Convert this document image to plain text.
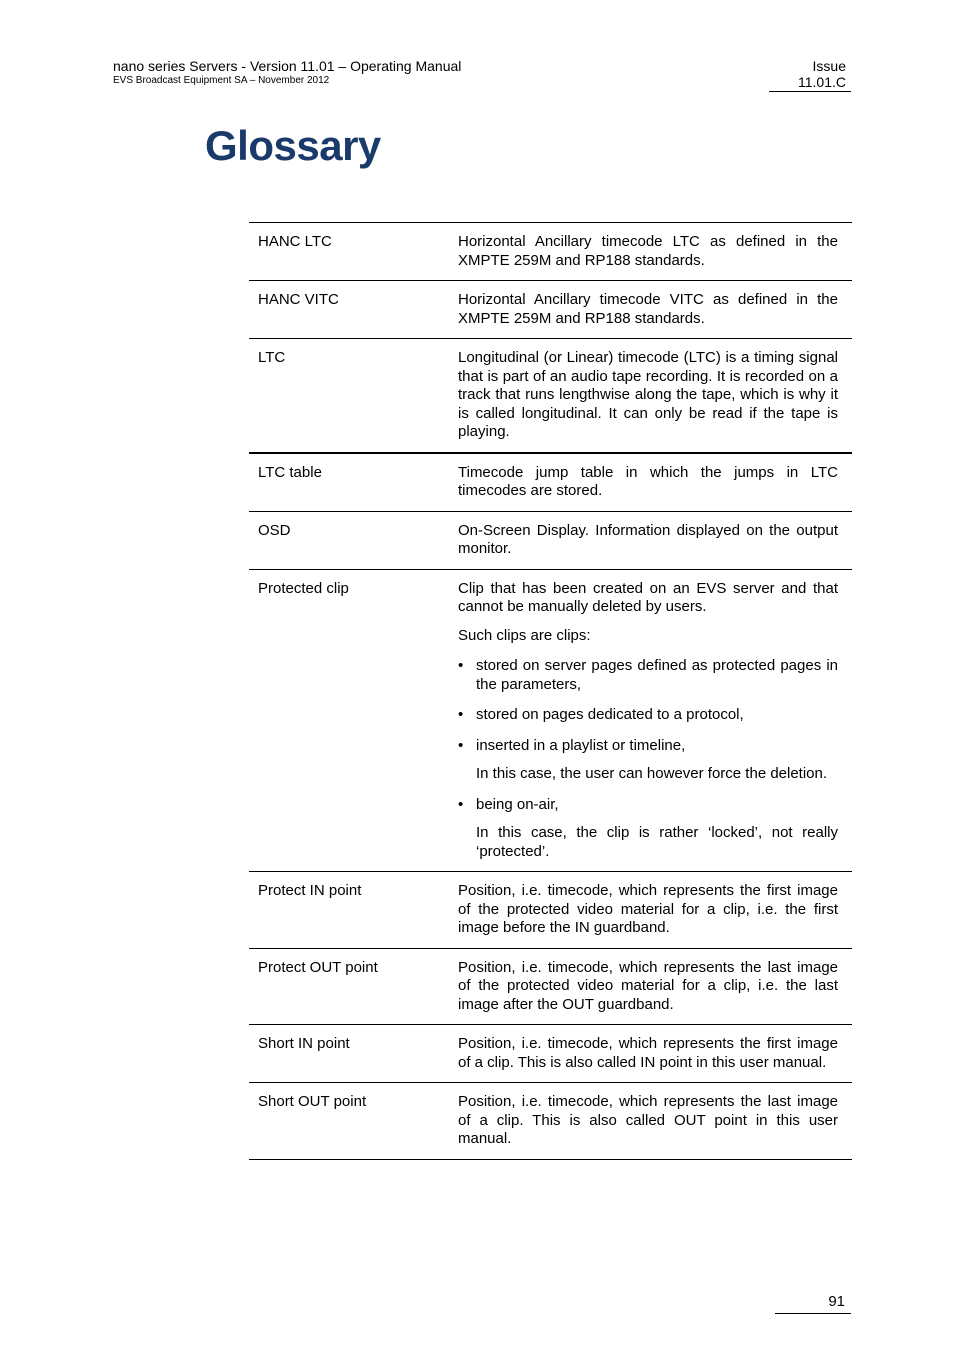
nano series Servers - Version 11.01 – Operating Manual
EVS Broadcast Equipment SA – November 2012
Issue
11.01.C
Glossary
HANC LTC	Horizontal Ancillary timecode LTC as defined in the XMPTE 259M and RP188 standards.

HANC VITC	Horizontal Ancillary timecode VITC as defined in the XMPTE 259M and RP188 standards.

LTC	Longitudinal (or Linear) timecode (LTC) is a timing signal that is part of an audio tape recording. It is recorded on a track that runs lengthwise along the tape, which is why it is called longitudinal. It can only be read if the tape is playing.

LTC table	Timecode jump table in which the jumps in LTC timecodes are stored.

OSD	On-Screen Display. Information displayed on the output monitor.

Protected clip	Clip that has been created on an EVS server and that cannot be manually deleted by users.

Such clips are clips:

• stored on server pages defined as protected pages in the parameters,
• stored on pages dedicated to a protocol,
• inserted in a playlist or timeline,
In this case, the user can however force the deletion.
• being on-air,
In this case, the clip is rather ‘locked’, not really ‘protected’.
Protect IN point	Position, i.e. timecode, which represents the first image of the protected video material for a clip, i.e. the first image before the IN guardband.

Protect OUT point	Position, i.e. timecode, which represents the last image of the protected video material for a clip, i.e. the last image after the OUT guardband.

Short IN point	Position, i.e. timecode, which represents the first image of a clip. This is also called IN point in this user manual.

Short OUT point	Position, i.e. timecode, which represents the last image of a clip. This is also called OUT point in this user manual.

91
